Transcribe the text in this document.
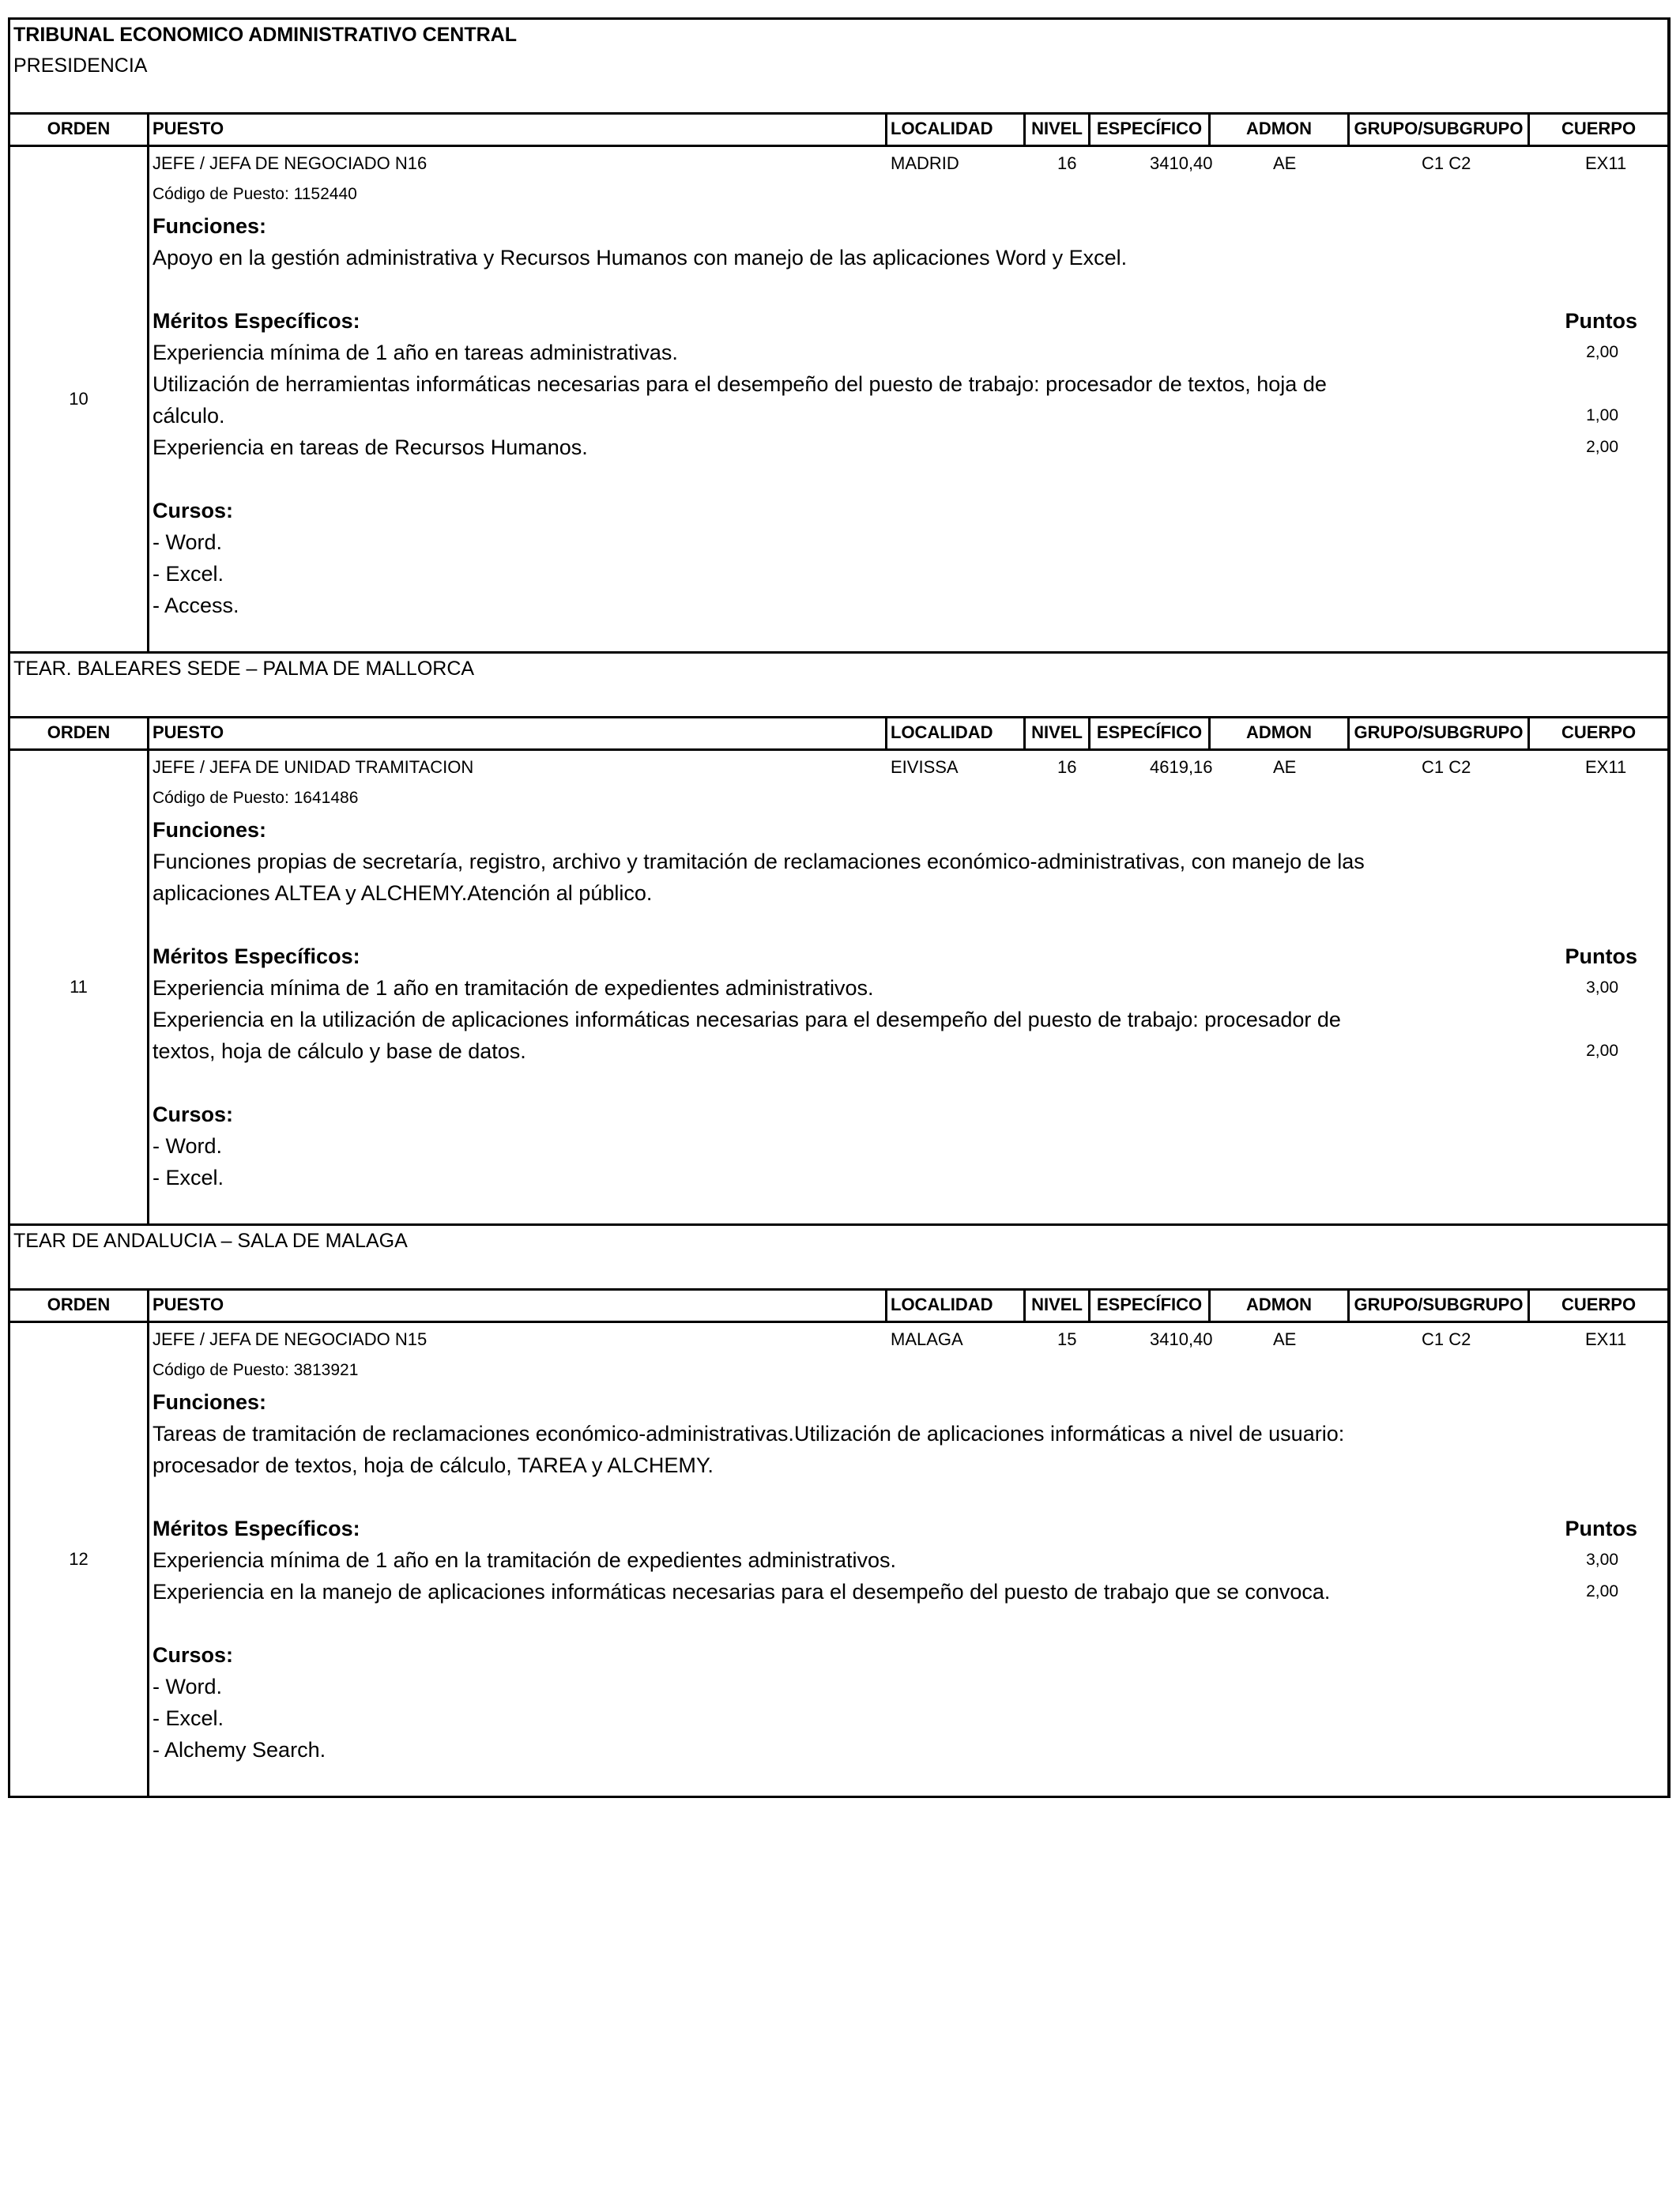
TRIBUNAL ECONOMICO ADMINISTRATIVO CENTRAL
PRESIDENCIA
ORDEN	PUESTO	LOCALIDAD	NIVEL ESPECÍFICO	ADMON	GRUPO/SUBGRUPO	CUERPO
10
JEFE / JEFA DE NEGOCIADO N16	MADRID	16	3410,40	AE	C1 C2	EX11
Código de Puesto: 1152440
Funciones:
Apoyo en la gestión administrativa y Recursos Humanos con manejo de las aplicaciones Word y Excel.
Méritos Específicos:	Puntos
Experiencia mínima de 1 año en tareas administrativas.	2,00
Utilización de herramientas informáticas necesarias para el desempeño del puesto de trabajo: procesador de textos, hoja de
cálculo.	1,00
Experiencia en tareas de Recursos Humanos.	2,00
Cursos:
- Word.
- Excel.
- Access.
TEAR. BALEARES SEDE – PALMA DE MALLORCA
ORDEN	PUESTO	LOCALIDAD	NIVEL ESPECÍFICO	ADMON	GRUPO/SUBGRUPO	CUERPO
11
JEFE / JEFA DE UNIDAD TRAMITACION	EIVISSA	16	4619,16	AE	C1 C2	EX11
Código de Puesto: 1641486
Funciones:
Funciones propias de secretaría, registro, archivo y tramitación de reclamaciones económico-administrativas, con manejo de las
aplicaciones ALTEA y ALCHEMY.Atención al público.
Méritos Específicos:	Puntos
Experiencia mínima de 1 año en tramitación de expedientes administrativos.	3,00
Experiencia en la utilización de aplicaciones informáticas necesarias para el desempeño del puesto de trabajo: procesador de
textos, hoja de cálculo y base de datos.	2,00
Cursos:
- Word.
- Excel.
TEAR DE ANDALUCIA – SALA DE MALAGA
ORDEN	PUESTO	LOCALIDAD	NIVEL ESPECÍFICO	ADMON	GRUPO/SUBGRUPO	CUERPO
12
JEFE / JEFA DE NEGOCIADO N15	MALAGA	15	3410,40	AE	C1 C2	EX11
Código de Puesto: 3813921
Funciones:
Tareas de tramitación de reclamaciones económico-administrativas.Utilización de aplicaciones informáticas a nivel de usuario:
procesador de textos, hoja de cálculo, TAREA y ALCHEMY.
Méritos Específicos:	Puntos
Experiencia mínima de 1 año en la tramitación de expedientes administrativos.	3,00
Experiencia en la manejo de aplicaciones informáticas necesarias para el desempeño del puesto de trabajo que se convoca.	2,00
Cursos:
- Word.
- Excel.
- Alchemy Search.
